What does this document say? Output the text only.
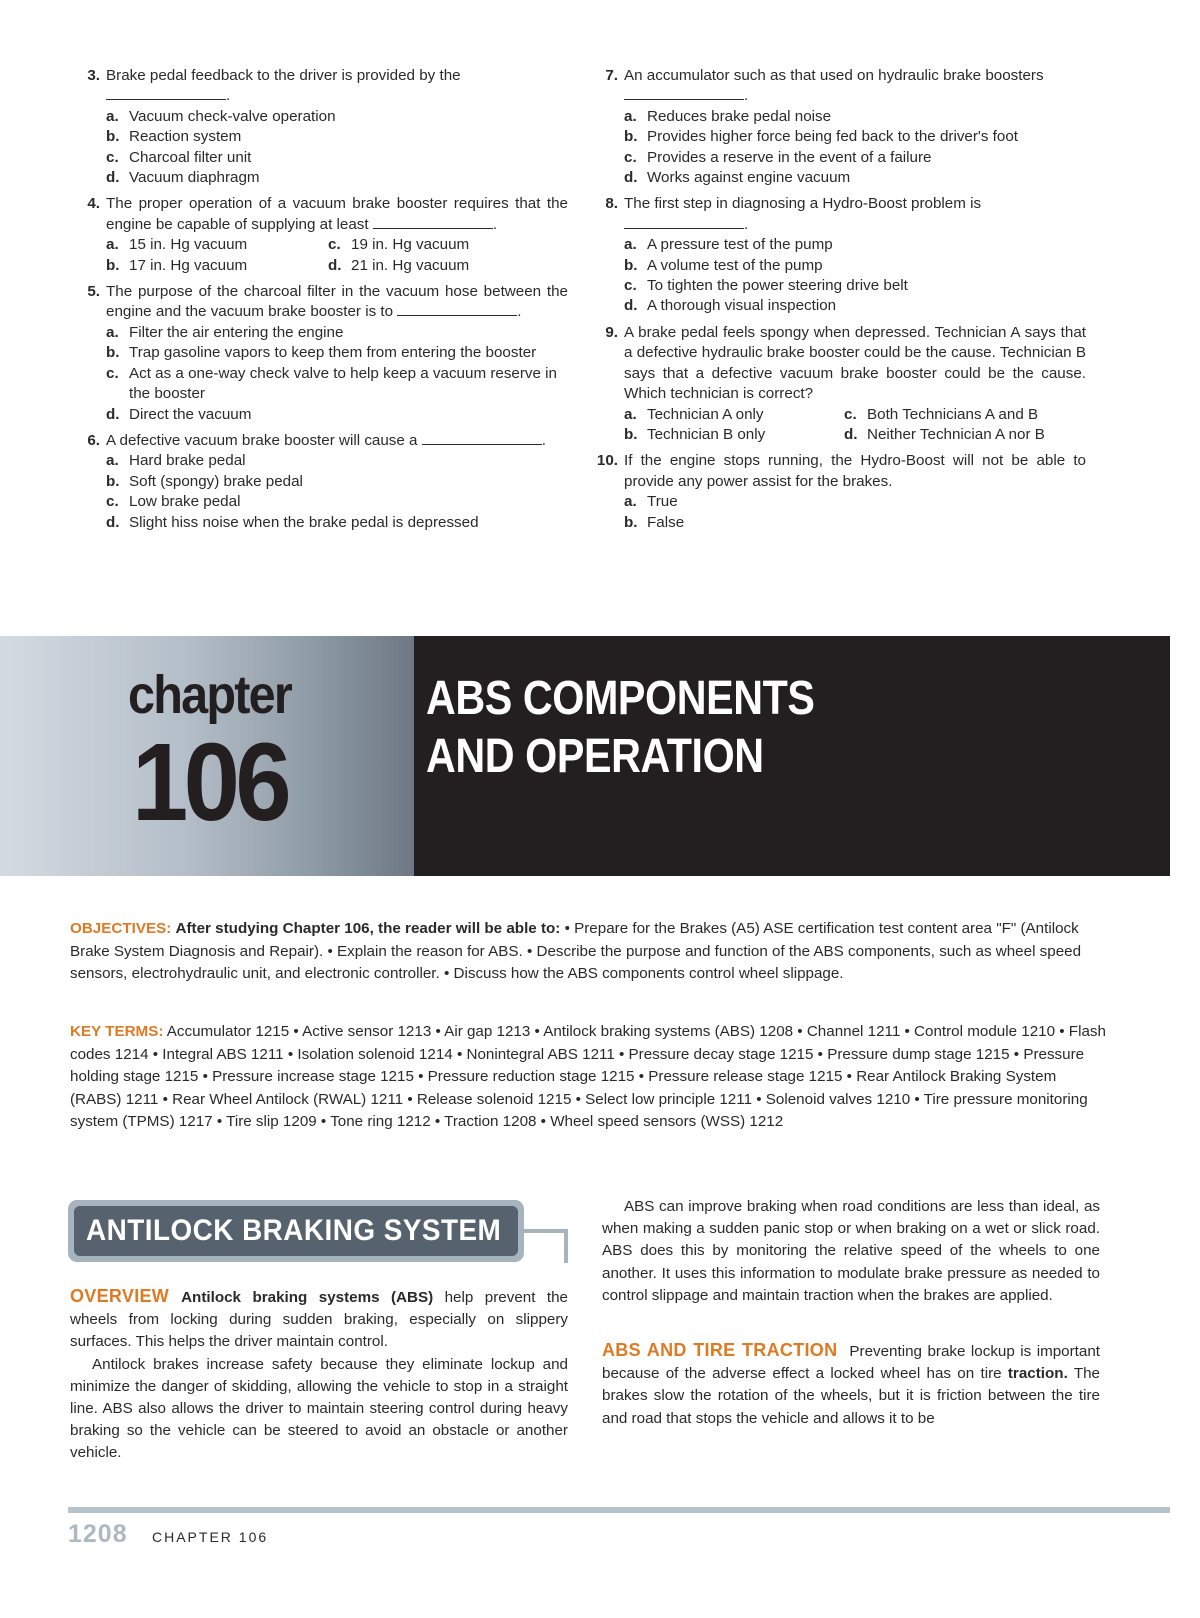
3. Brake pedal feedback to the driver is provided by the
.
a. Vacuum check-valve operation
b. Reaction system
c. Charcoal filter unit
d. Vacuum diaphragm
4. The proper operation of a vacuum brake booster requires that the engine be capable of supplying at least	.
a. 15 in. Hg vacuum	c. 19 in. Hg vacuum
b. 17 in. Hg vacuum	d. 21 in. Hg vacuum
5. The purpose of the charcoal filter in the vacuum hose between the engine and the vacuum brake booster is to	.
a. Filter the air entering the engine
b. Trap gasoline vapors to keep them from entering the booster
c. Act as a one-way check valve to help keep a vacuum reserve in the booster
d. Direct the vacuum
6. A defective vacuum brake booster will cause a	.
a. Hard brake pedal
b. Soft (spongy) brake pedal
c. Low brake pedal
d. Slight hiss noise when the brake pedal is depressed
7. An accumulator such as that used on hydraulic brake boosters
.
a. Reduces brake pedal noise
b. Provides higher force being fed back to the driver's foot
c. Provides a reserve in the event of a failure
d. Works against engine vacuum
8. The first step in diagnosing a Hydro-Boost problem is
.
a. A pressure test of the pump
b. A volume test of the pump
c. To tighten the power steering drive belt
d. A thorough visual inspection
9. A brake pedal feels spongy when depressed. Technician A says that a defective hydraulic brake booster could be the cause. Technician B says that a defective vacuum brake booster could be the cause. Which technician is correct?
a. Technician A only	c. Both Technicians A and B
b. Technician B only	d. Neither Technician A nor B
10. If the engine stops running, the Hydro-Boost will not be able to provide any power assist for the brakes.
a. True
b. False
chapter
106
ABS COMPONENTS
AND OPERATION
OBJECTIVES: After studying Chapter 106, the reader will be able to: • Prepare for the Brakes (A5) ASE certification test content area "F" (Antilock Brake System Diagnosis and Repair). • Explain the reason for ABS. • Describe the purpose and function of the ABS components, such as wheel speed sensors, electrohydraulic unit, and electronic controller. • Discuss how the ABS components control wheel slippage.
KEY TERMS: Accumulator 1215 • Active sensor 1213 • Air gap 1213 • Antilock braking systems (ABS) 1208 • Channel 1211 • Control module 1210 • Flash codes 1214 • Integral ABS 1211 • Isolation solenoid 1214 • Nonintegral ABS 1211 • Pressure decay stage 1215 • Pressure dump stage 1215 • Pressure holding stage 1215 • Pressure increase stage 1215 • Pressure reduction stage 1215 • Pressure release stage 1215 • Rear Antilock Braking System (RABS) 1211 • Rear Wheel Antilock (RWAL) 1211 • Release solenoid 1215 • Select low principle 1211 • Solenoid valves 1210 • Tire pressure monitoring system (TPMS) 1217 • Tire slip 1209 • Tone ring 1212 • Traction 1208 • Wheel speed sensors (WSS) 1212
ANTILOCK BRAKING SYSTEM

OVERVIEW Antilock braking systems (ABS) help prevent the wheels from locking during sudden braking, especially on slippery surfaces. This helps the driver maintain control.

Antilock brakes increase safety because they eliminate lockup and minimize the danger of skidding, allowing the vehicle to stop in a straight line. ABS also allows the driver to maintain steering control during heavy braking so the vehicle can be steered to avoid an obstacle or another vehicle.

ABS can improve braking when road conditions are less than ideal, as when making a sudden panic stop or when braking on a wet or slick road. ABS does this by monitoring the relative speed of the wheels to one another. It uses this information to modulate brake pressure as needed to control slippage and maintain traction when the brakes are applied.

ABS AND TIRE TRACTION Preventing brake lockup is important because of the adverse effect a locked wheel has on tire traction. The brakes slow the rotation of the wheels, but it is friction between the tire and road that stops the vehicle and allows it to be

1208 CHAPTER 106
